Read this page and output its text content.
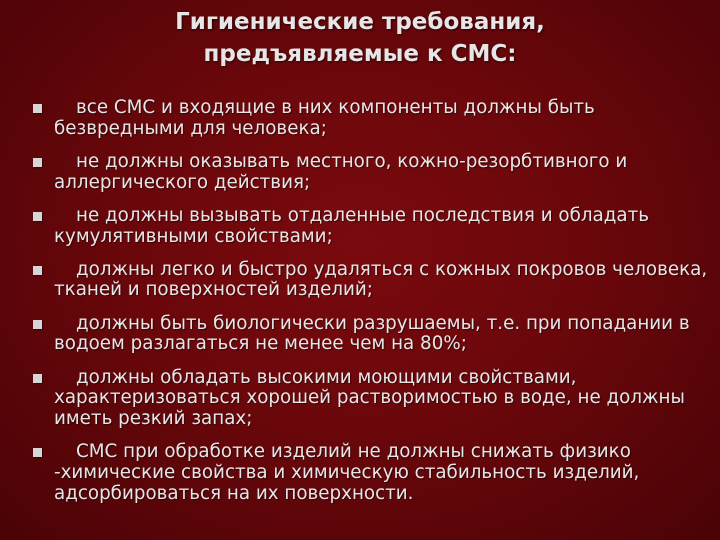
Гигиенические требования,
предъявляемые к СМС:
все СМС и входящие в них компоненты должны быть безвредными для человека;
не должны оказывать местного, кожно-резорбтивного и аллергического действия;
не должны вызывать отдаленные последствия и обладать кумулятивными свойствами;
должны легко и быстро удаляться с кожных покровов человека, тканей и поверхностей изделий;
должны быть биологически разрушаемы, т.е. при попадании в водоем разлагаться не менее чем на 80%;
должны обладать высокими моющими свойствами, характеризоваться хорошей растворимостью в воде, не должны иметь резкий запах;
СМС при обработке изделий не должны снижать физико -химические свойства и химическую стабильность изделий, адсорбироваться на их поверхности.
